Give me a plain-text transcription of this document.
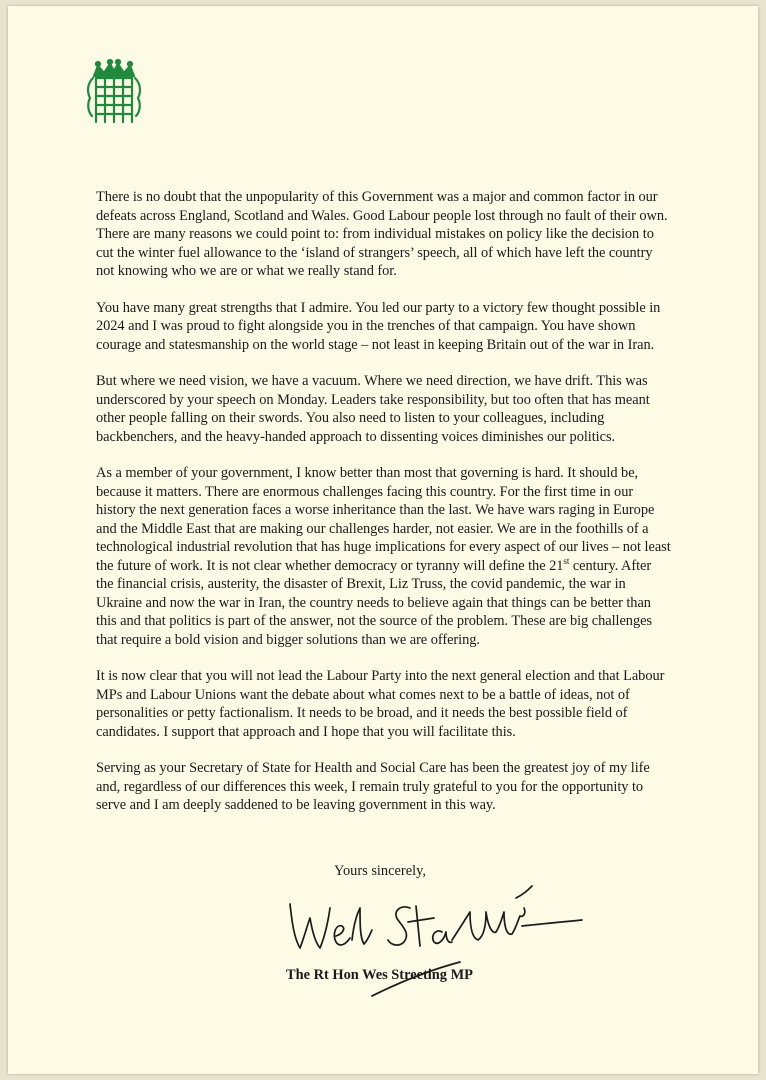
There is no doubt that the unpopularity of this Government was a major and common factor in our defeats across England, Scotland and Wales. Good Labour people lost through no fault of their own. There are many reasons we could point to: from individual mistakes on policy like the decision to cut the winter fuel allowance to the ‘island of strangers’ speech, all of which have left the country not knowing who we are or what we really stand for.

You have many great strengths that I admire. You led our party to a victory few thought possible in 2024 and I was proud to fight alongside you in the trenches of that campaign. You have shown courage and statesmanship on the world stage – not least in keeping Britain out of the war in Iran.

But where we need vision, we have a vacuum. Where we need direction, we have drift. This was underscored by your speech on Monday. Leaders take responsibility, but too often that has meant other people falling on their swords. You also need to listen to your colleagues, including backbenchers, and the heavy-handed approach to dissenting voices diminishes our politics.

As a member of your government, I know better than most that governing is hard. It should be, because it matters. There are enormous challenges facing this country. For the first time in our history the next generation faces a worse inheritance than the last. We have wars raging in Europe and the Middle East that are making our challenges harder, not easier. We are in the foothills of a technological industrial revolution that has huge implications for every aspect of our lives – not least the future of work. It is not clear whether democracy or tyranny will define the 21st century. After the financial crisis, austerity, the disaster of Brexit, Liz Truss, the covid pandemic, the war in Ukraine and now the war in Iran, the country needs to believe again that things can be better than this and that politics is part of the answer, not the source of the problem. These are big challenges that require a bold vision and bigger solutions than we are offering.

It is now clear that you will not lead the Labour Party into the next general election and that Labour MPs and Labour Unions want the debate about what comes next to be a battle of ideas, not of personalities or petty factionalism. It needs to be broad, and it needs the best possible field of candidates. I support that approach and I hope that you will facilitate this.

Serving as your Secretary of State for Health and Social Care has been the greatest joy of my life and, regardless of our differences this week, I remain truly grateful to you for the opportunity to serve and I am deeply saddened to be leaving government in this way.

Yours sincerely,
The Rt Hon Wes Streeting MP
